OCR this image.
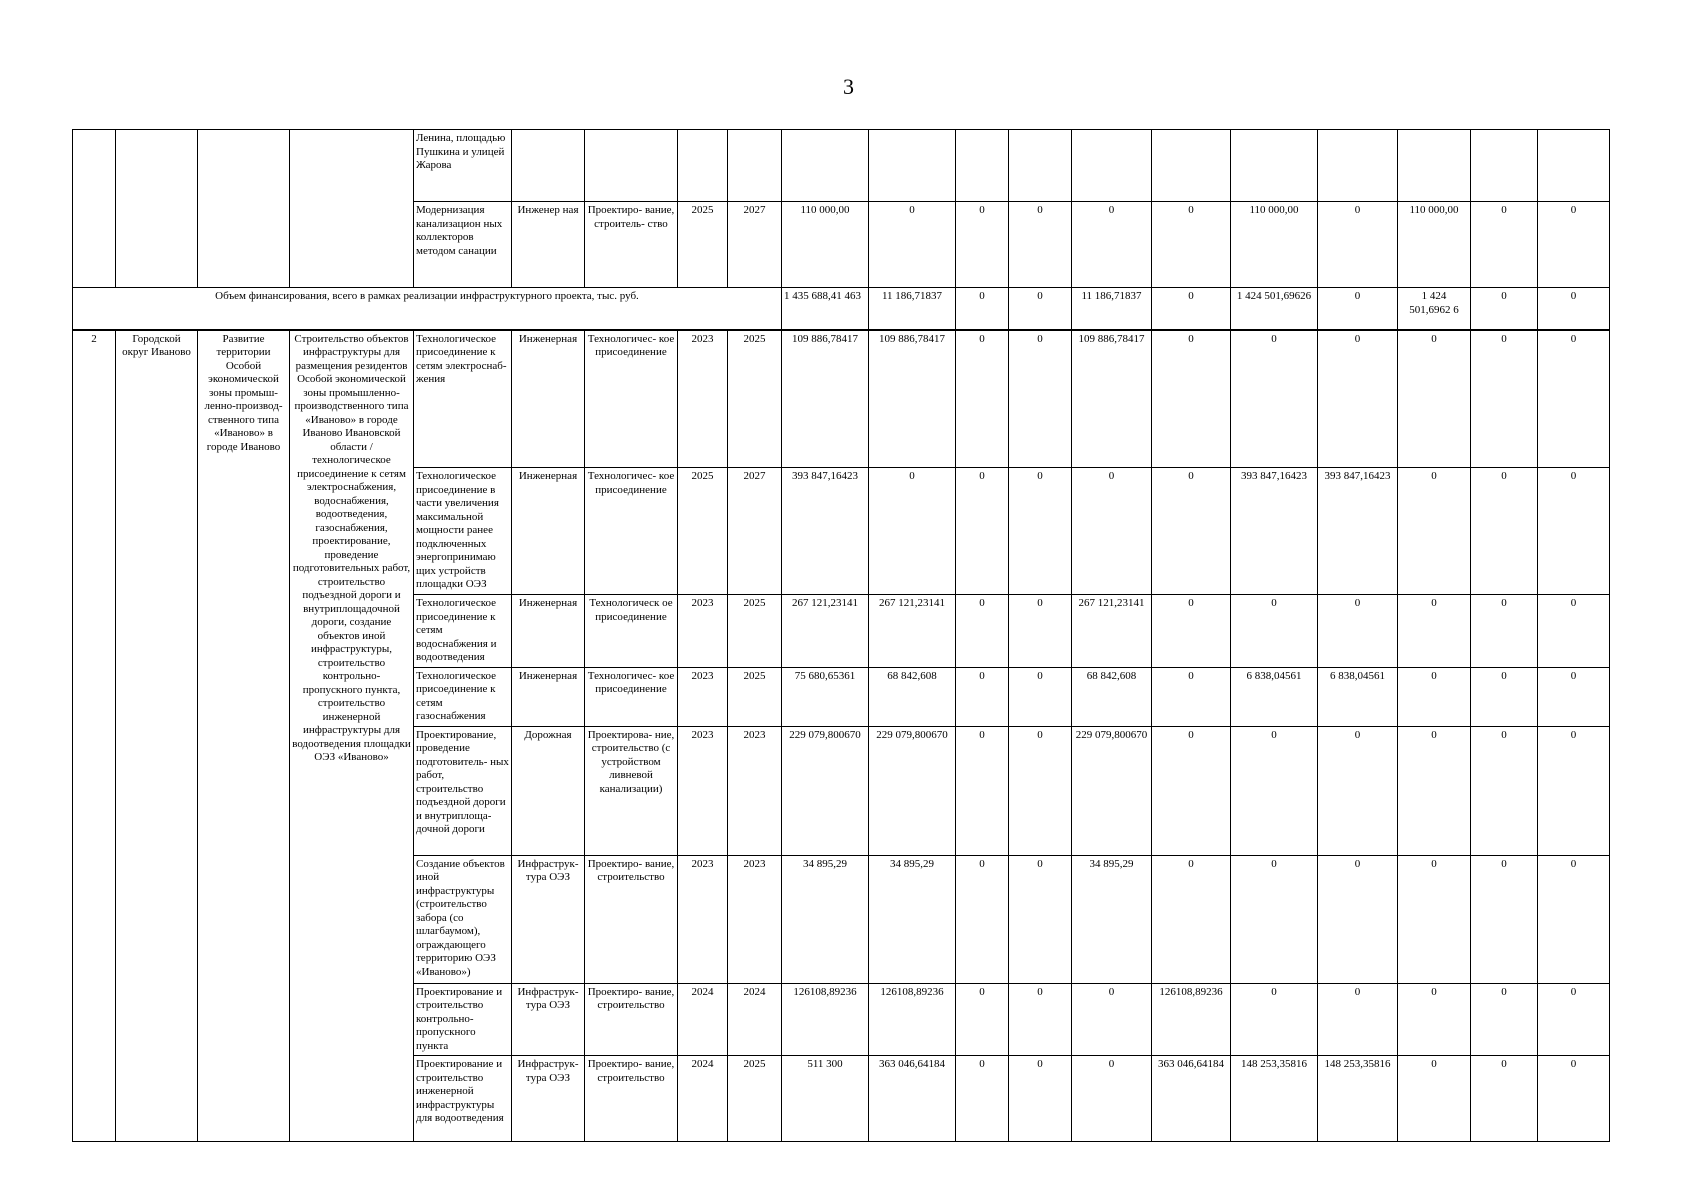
3
				Ленина, площадью Пушкина и улицей Жарова															
				Модернизация канализацион ных коллекторов методом санации	Инженер ная	Проектиро- вание, строитель- ство	2025	2027	110 000,00	0	0	0	0	0	110 000,00	0	110 000,00	0	0
Объем финансирования, всего в рамках реализации инфраструктурного проекта, тыс. руб.									1 435 688,41 463	11 186,71837	0	0	11 186,71837	0	1 424 501,69626	0	1 424 501,6962 6	0	0
2	Городской округ Иваново	Развитие территории Особой экономической зоны промыш- ленно-производ- ственного типа «Иваново» в городе Иваново	Строительство объектов инфраструктуры для размещения резидентов Особой экономической зоны промышленно- производственного типа «Иваново» в городе Иваново Ивановской области / технологическое присоединение к сетям электроснабжения, водоснабжения, водоотведения, газоснабжения, проектирование, проведение подготовительных работ, строительство подъездной дороги и внутриплощадочной дороги, создание объектов иной инфраструктуры, строительство контрольно- пропускного пункта, строительство инженерной инфраструктуры для водоотведения площадки ОЭЗ «Иваново»	Технологическое присоединение к сетям электроснаб- жения	Инженерная	Технологичес- кое присоединение	2023	2025	109 886,78417	109 886,78417	0	0	109 886,78417	0	0	0	0	0	0
				Технологическое присоединение в части увеличения максимальной мощности ранее подключенных энергопринимаю щих устройств площадки ОЭЗ	Инженерная	Технологичес- кое присоединение	2025	2027	393 847,16423	0	0	0	0	0	393 847,16423	393 847,16423	0	0	0
				Технологическое присоединение к сетям водоснабжения и водоотведения	Инженерная	Технологическ ое присоединение	2023	2025	267 121,23141	267 121,23141	0	0	267 121,23141	0	0	0	0	0	0
				Технологическое присоединение к сетям газоснабжения	Инженерная	Технологичес- кое присоединение	2023	2025	75 680,65361	68 842,608	0	0	68 842,608	0	6 838,04561	6 838,04561	0	0	0
				Проектирование, проведение подготовитель- ных работ, строительство подъездной дороги и внутриплоща- дочной дороги	Дорожная	Проектирова- ние, строительство (с устройством ливневой канализации)	2023	2023	229 079,800670	229 079,800670	0	0	229 079,800670	0	0	0	0	0	0
				Создание объектов иной инфраструктуры (строительство забора (со шлагбаумом), ограждающего территорию ОЭЗ «Иваново»)	Инфраструк- тура ОЭЗ	Проектиро- вание, строительство	2023	2023	34 895,29	34 895,29	0	0	34 895,29	0	0	0	0	0	0
				Проектирование и строительство контрольно- пропускного пункта	Инфраструк- тура ОЭЗ	Проектиро- вание, строительство	2024	2024	126108,89236	126108,89236	0	0	0	126108,89236	0	0	0	0	0
				Проектирование и строительство инженерной инфраструктуры для водоотведения	Инфраструк- тура ОЭЗ	Проектиро- вание, строительство	2024	2025	511 300	363 046,64184	0	0	0	363 046,64184	148 253,35816	148 253,35816	0	0	0
